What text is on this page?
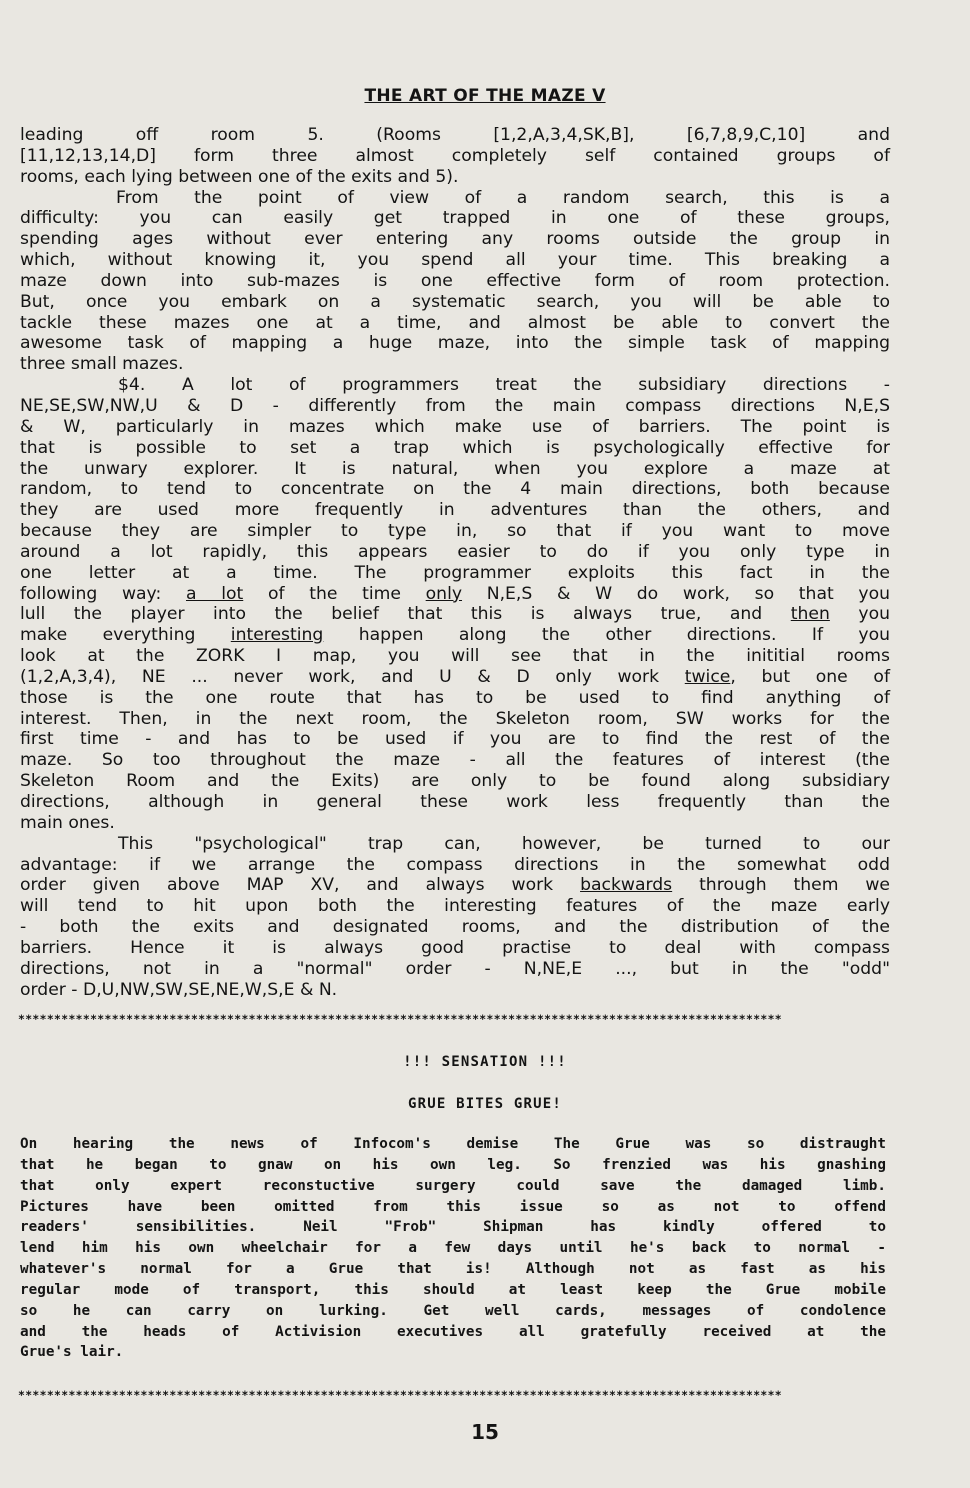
THE ART OF THE MAZE V
leading off room 5. (Rooms [1,2,A,3,4,SK,B], [6,7,8,9,C,10] and
[11,12,13,14,D] form three almost completely self contained groups of
rooms, each lying between one of the exits and 5).
From the point of view of a random search, this is a
difficulty: you can easily get trapped in one of these groups,
spending ages without ever entering any rooms outside the group in
which, without knowing it, you spend all your time. This breaking a
maze down into sub-mazes is one effective form of room protection.
But, once you embark on a systematic search, you will be able to
tackle these mazes one at a time, and almost be able to convert the
awesome task of mapping a huge maze, into the simple task of mapping
three small mazes.
$4. A lot of programmers treat the subsidiary directions -
NE,SE,SW,NW,U & D - differently from the main compass directions N,E,S
& W, particularly in mazes which make use of barriers. The point is
that is possible to set a trap which is psychologically effective for
the unwary explorer. It is natural, when you explore a maze at
random, to tend to concentrate on the 4 main directions, both because
they are used more frequently in adventures than the others, and
because they are simpler to type in, so that if you want to move
around a lot rapidly, this appears easier to do if you only type in
one letter at a time. The programmer exploits this fact in the
following way: a lot of the time only N,E,S & W do work, so that you
lull the player into the belief that this is always true, and then you
make everything interesting happen along the other directions. If you
look at the ZORK I map, you will see that in the inititial rooms
(1,2,A,3,4), NE ... never work, and U & D only work twice, but one of
those is the one route that has to be used to find anything of
interest. Then, in the next room, the Skeleton room, SW works for the
first time - and has to be used if you are to find the rest of the
maze. So too throughout the maze - all the features of interest (the
Skeleton Room and the Exits) are only to be found along subsidiary
directions, although in general these work less frequently than the
main ones.
This "psychological" trap can, however, be turned to our
advantage: if we arrange the compass directions in the somewhat odd
order given above MAP XV, and always work backwards through them we
will tend to hit upon both the interesting features of the maze early
- both the exits and designated rooms, and the distribution of the
barriers. Hence it is always good practise to deal with compass
directions, not in a "normal" order - N,NE,E ..., but in the "odd"
order - D,U,NW,SW,SE,NE,W,S,E & N.
**********************************************************************************************************
!!! SENSATION !!!
GRUE BITES GRUE!
On hearing the news of Infocom's demise The Grue was so distraught
that he began to gnaw on his own leg. So frenzied was his gnashing
that only expert reconstuctive surgery could save the damaged limb.
Pictures have been omitted from this issue so as not to offend
readers' sensibilities. Neil "Frob" Shipman has kindly offered to
lend him his own wheelchair for a few days until he's back to normal -
whatever's normal for a Grue that is! Although not as fast as his
regular mode of transport, this should at least keep the Grue mobile
so he can carry on lurking. Get well cards, messages of condolence
and the heads of Activision executives all gratefully received at the
Grue's lair.
**********************************************************************************************************
15
